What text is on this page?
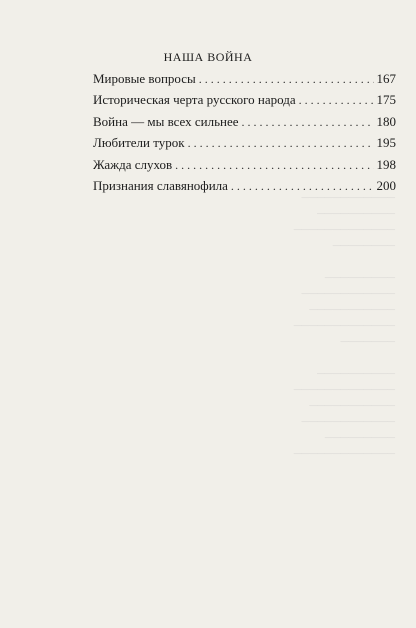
────────────
──────────
─────────────
────────
─────────
────────────
───────────
─────────────
───────
──────────
─────────────
───────────
────────────
─────────
─────────────
НАША ВОЙНА
Мировые вопросы . . .	167
Историческая черта русского народа . . .	175
Война — мы всех сильнее . . .	180
Любители турок . . .	195
Жажда слухов . . .	198
Признания славянофила . . .	200
